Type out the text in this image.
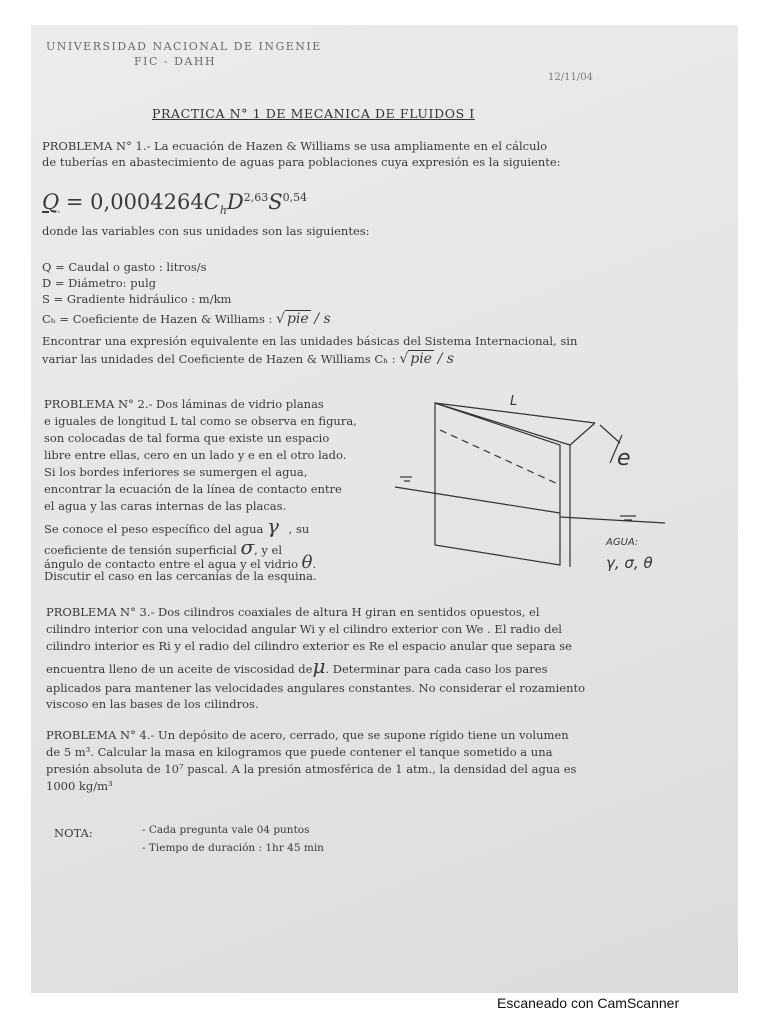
UNIVERSIDAD NACIONAL DE INGENIE
FIC - DAHH
12/11/04
PRACTICA N° 1 DE MECANICA DE FLUIDOS I
PROBLEMA N° 1.- La ecuación de Hazen & Williams se usa ampliamente en el cálculo
de tuberías en abastecimiento de aguas para poblaciones cuya expresión es la siguiente:
$Q = 0,0004264C_hD^{2,63}S^{0,54}$
donde las variables con sus unidades son las siguientes:
Q = Caudal o gasto : litros/s
D = Diámetro: pulg
S = Gradiente hidráulico : m/km
Cₕ = Coeficiente de Hazen & Williams : √ pie / s
Encontrar una expresión equivalente en las unidades básicas del Sistema Internacional, sin
variar las unidades del Coeficiente de Hazen & Williams Cₕ : √ pie / s
PROBLEMA N° 2.- Dos láminas de vidrio planas
e iguales de longitud L tal como se observa en figura,
son colocadas de tal forma que existe un espacio
libre entre ellas, cero en un lado y e en el otro lado.
Si los bordes inferiores se sumergen el agua,
encontrar la ecuación de la línea de contacto entre
el agua y las caras internas de las placas.
Se conoce el peso específico del agua γ , su
coeficiente de tensión superficial σ, y el
ángulo de contacto entre el agua y el vidrio θ.
Discutir el caso en las cercanías de la esquina.
L
e
AGUA:
γ, σ, θ
PROBLEMA N° 3.- Dos cilindros coaxiales de altura H giran en sentidos opuestos, el
cilindro interior con una velocidad angular Wi y el cilindro exterior con We . El radio del
cilindro interior es Ri y el radio del cilindro exterior es Re el espacio anular que separa se
encuentra lleno de un aceite de viscosidad deμ. Determinar para cada caso los pares
aplicados para mantener las velocidades angulares constantes. No considerar el rozamiento
viscoso en las bases de los cilindros.
PROBLEMA N° 4.- Un depósito de acero, cerrado, que se supone rígido tiene un volumen
de 5 m³. Calcular la masa en kilogramos que puede contener el tanque sometido a una
presión absoluta de 10⁷ pascal. A la presión atmosférica de 1 atm., la densidad del agua es
1000 kg/m³
NOTA:	- Cada pregunta vale 04 puntos
- Tiempo de duración : 1hr 45 min
Escaneado con CamScanner
